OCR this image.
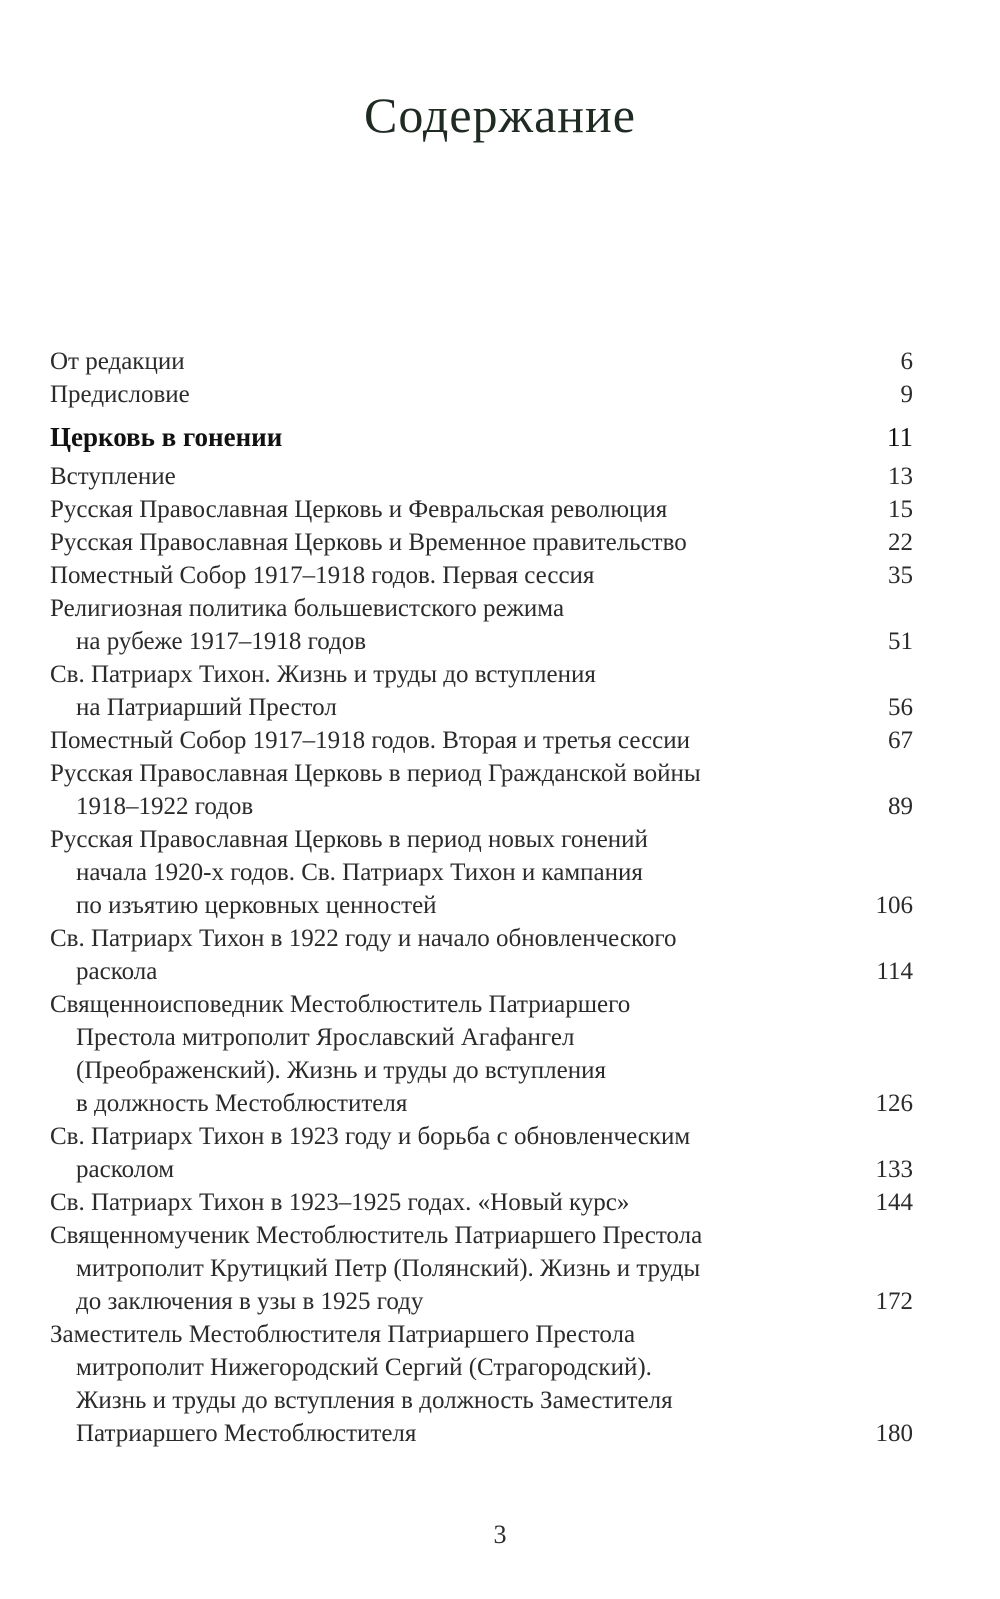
Содержание
От редакции	6
Предисловие	9
Церковь в гонении	11
Вступление	13
Русская Православная Церковь и Февральская революция	15
Русская Православная Церковь и Временное правительство	22
Поместный Собор 1917–1918 годов. Первая сессия	35
Религиозная политика большевистского режима
на рубеже 1917–1918 годов	51
Св. Патриарх Тихон. Жизнь и труды до вступления
на Патриарший Престол	56
Поместный Собор 1917–1918 годов. Вторая и третья сессии	67
Русская Православная Церковь в период Гражданской войны
1918–1922 годов	89
Русская Православная Церковь в период новых гонений
начала 1920-х годов. Св. Патриарх Тихон и кампания
по изъятию церковных ценностей	106
Св. Патриарх Тихон в 1922 году и начало обновленческого
раскола	114
Священноисповедник Местоблюститель Патриаршего
Престола митрополит Ярославский Агафангел
(Преображенский). Жизнь и труды до вступления
в должность Местоблюстителя	126
Св. Патриарх Тихон в 1923 году и борьба с обновленческим
расколом	133
Св. Патриарх Тихон в 1923–1925 годах. «Новый курс»	144
Священномученик Местоблюститель Патриаршего Престола
митрополит Крутицкий Петр (Полянский). Жизнь и труды
до заключения в узы в 1925 году	172
Заместитель Местоблюстителя Патриаршего Престола
митрополит Нижегородский Сергий (Страгородский).
Жизнь и труды до вступления в должность Заместителя
Патриаршего Местоблюстителя	180
3
